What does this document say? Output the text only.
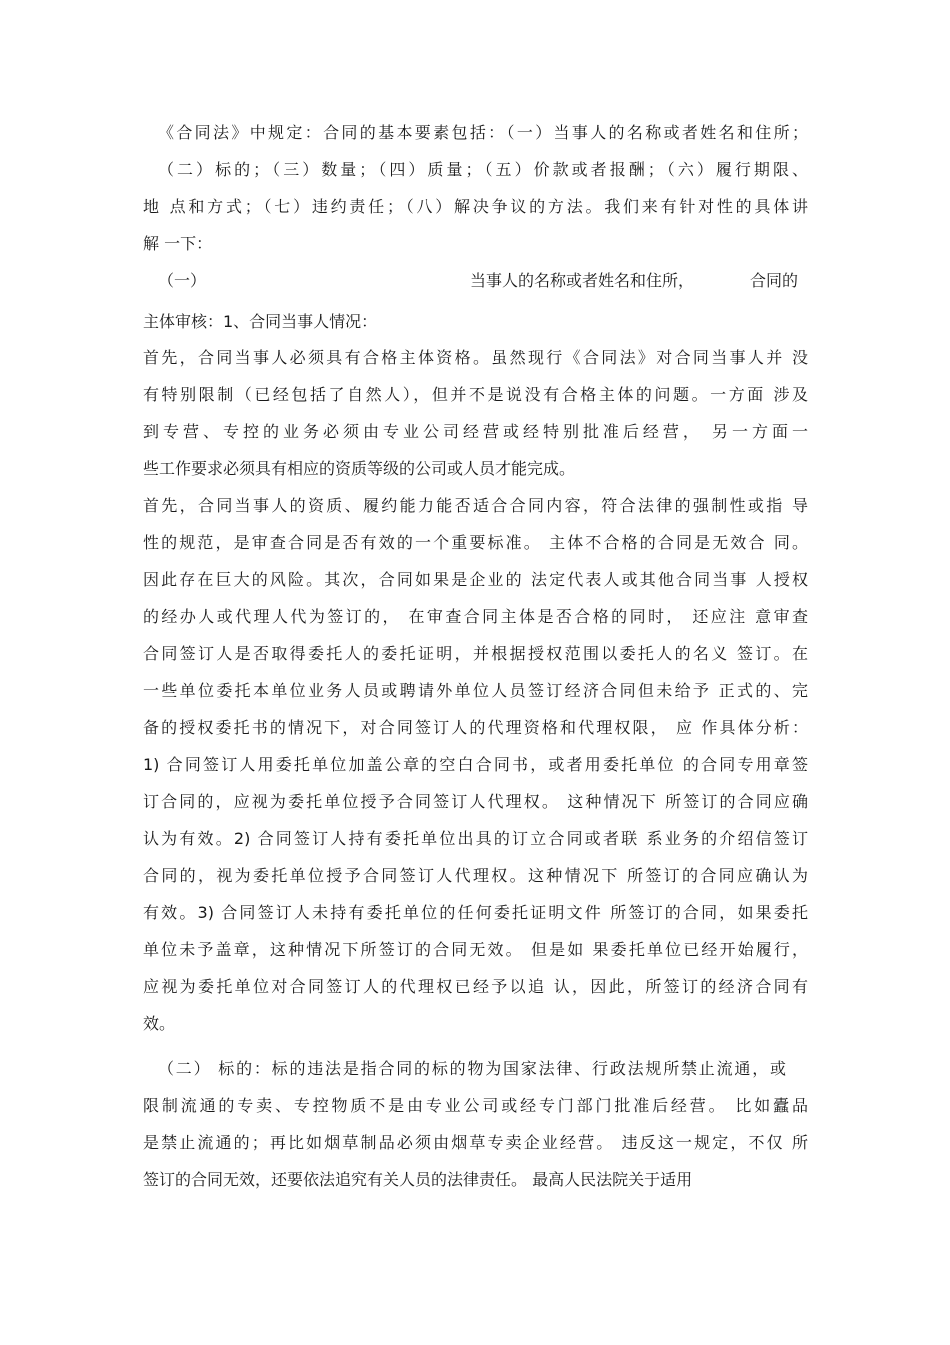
《合同法》中规定：合同的基本要素包括：（一）当事人的名称或者姓名和住所；
（二）标的；（三）数量；（四）质量；（五）价款或者报酬；（六）履行期限、
地 点和方式；（七）违约责任；（八）解决争议的方法。我们来有针对性的具体讲
解 一下：
（一）	当事人的名称或者姓名和住所，	合同的
主体审核：1、合同当事人情况：
首先，合同当事人必须具有合格主体资格。虽然现行《合同法》对合同当事人并 没
有特别限制（已经包括了自然人），但并不是说没有合格主体的问题。一方面 涉及
到专营、专控的业务必须由专业公司经营或经特别批准后经营， 另一方面一
些工作要求必须具有相应的资质等级的公司或人员才能完成。
首先，合同当事人的资质、履约能力能否适合合同内容，符合法律的强制性或指 导
性的规范，是审查合同是否有效的一个重要标准。 主体不合格的合同是无效合 同。
因此存在巨大的风险。其次，合同如果是企业的 法定代表人或其他合同当事 人授权
的经办人或代理人代为签订的， 在审查合同主体是否合格的同时， 还应注 意审查
合同签订人是否取得委托人的委托证明，并根据授权范围以委托人的名义 签订。在
一些单位委托本单位业务人员或聘请外单位人员签订经济合同但未给予 正式的、完
备的授权委托书的情况下，对合同签订人的代理资格和代理权限， 应 作具体分析：
1) 合同签订人用委托单位加盖公章的空白合同书，或者用委托单位 的合同专用章签
订合同的，应视为委托单位授予合同签订人代理权。 这种情况下 所签订的合同应确
认为有效。2) 合同签订人持有委托单位出具的订立合同或者联 系业务的介绍信签订
合同的，视为委托单位授予合同签订人代理权。这种情况下 所签订的合同应确认为
有效。3) 合同签订人未持有委托单位的任何委托证明文件 所签订的合同，如果委托
单位未予盖章，这种情况下所签订的合同无效。 但是如 果委托单位已经开始履行，
应视为委托单位对合同签订人的代理权已经予以追 认，因此，所签订的经济合同有
效。
（二） 标的：标的违法是指合同的标的物为国家法律、行政法规所禁止流通，或
限制流通的专卖、专控物质不是由专业公司或经专门部门批准后经营。 比如蠹品
是禁止流通的；再比如烟草制品必须由烟草专卖企业经营。 违反这一规定，不仅 所
签订的合同无效，还要依法追究有关人员的法律责任。 最高人民法院关于适用
